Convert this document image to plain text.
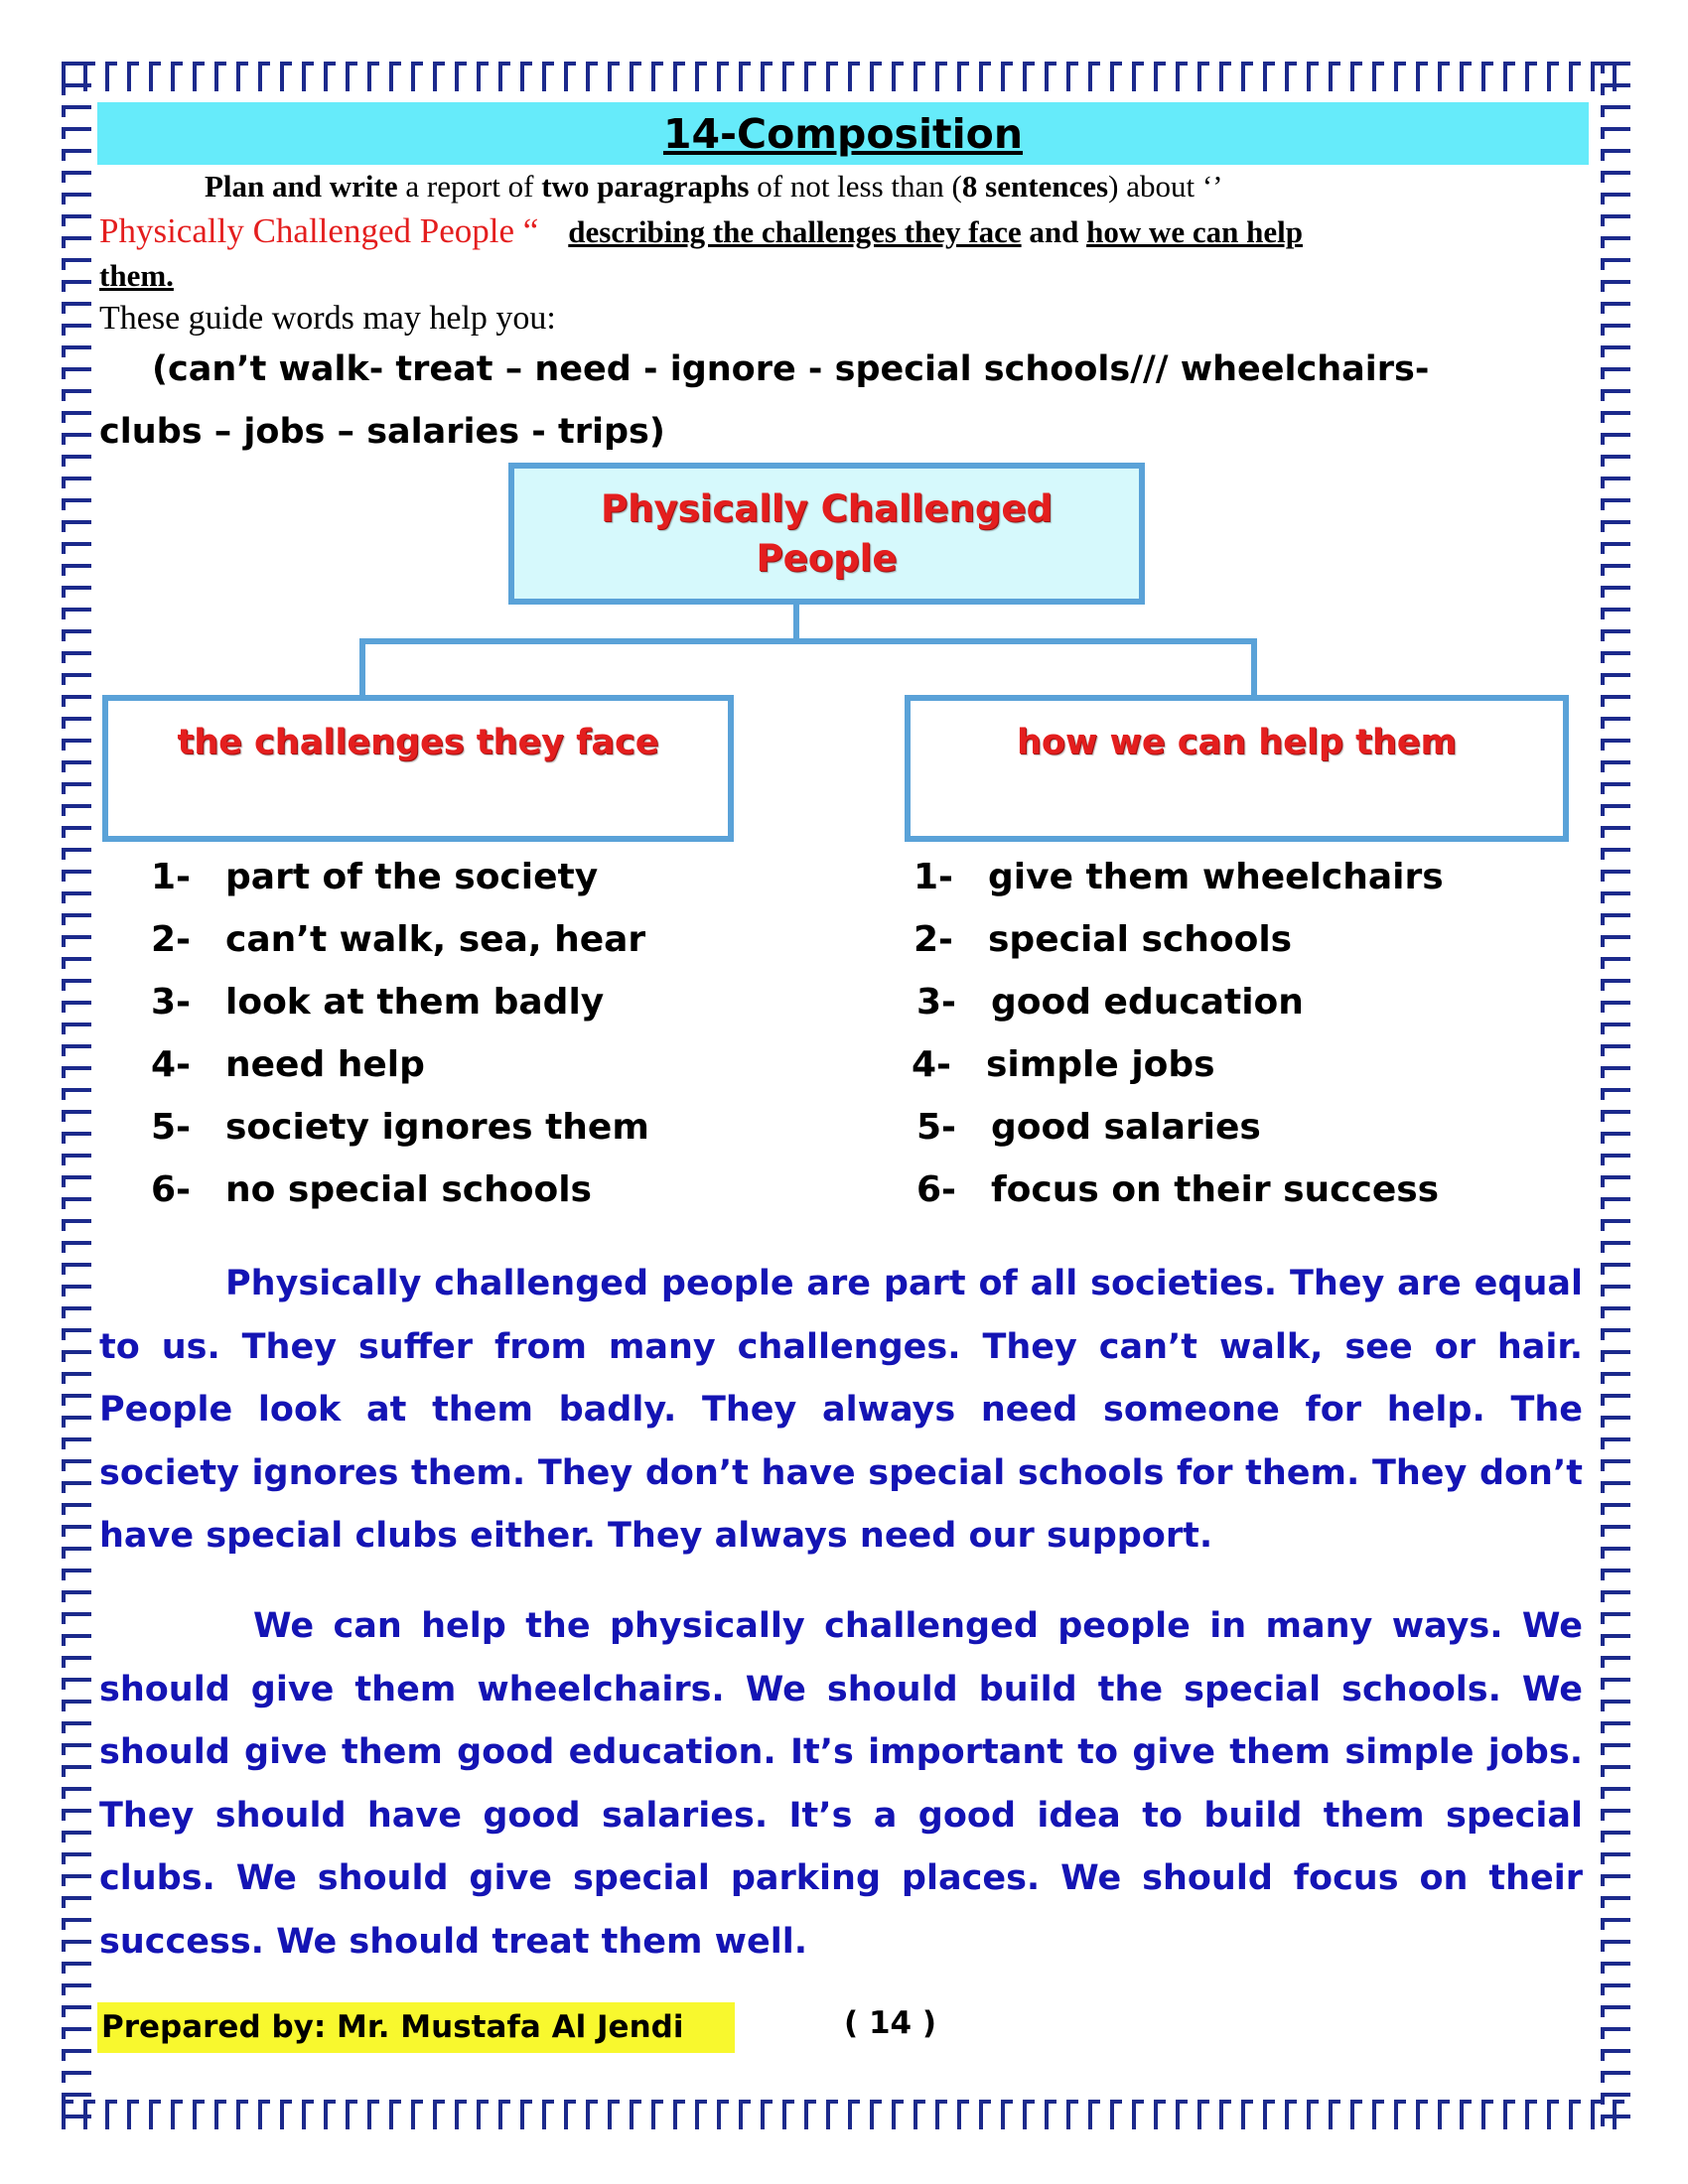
14-Composition
Plan and write a report of two paragraphs of not less than (8 sentences) about ‘’
Physically Challenged People “ describing the challenges they face and how we can help
them.
These guide words may help you:
(can’t walk- treat – need - ignore - special schools/// wheelchairs-
clubs – jobs – salaries - trips)
Physically Challenged
People
the challenges they face	how we can help them
1- part of the society
2- can’t walk, sea, hear
3- look at them badly
4- need help
5- society ignores them
6- no special schools
1- give them wheelchairs
2- special schools
3- good education
4- simple jobs
5- good salaries
6- focus on their success
Physically challenged people are part of all societies. They are equal to us. They suffer from many challenges. They can’t walk, see or hair. People look at them badly. They always need someone for help. The society ignores them. They don’t have special schools for them. They don’t have special clubs either. They always need our support.
We can help the physically challenged people in many ways. We should give them wheelchairs. We should build the special schools. We should give them good education. It’s important to give them simple jobs. They should have good salaries. It’s a good idea to build them special clubs. We should give special parking places. We should focus on their success. We should treat them well.
Prepared by: Mr. Mustafa Al Jendi	( 14 )
